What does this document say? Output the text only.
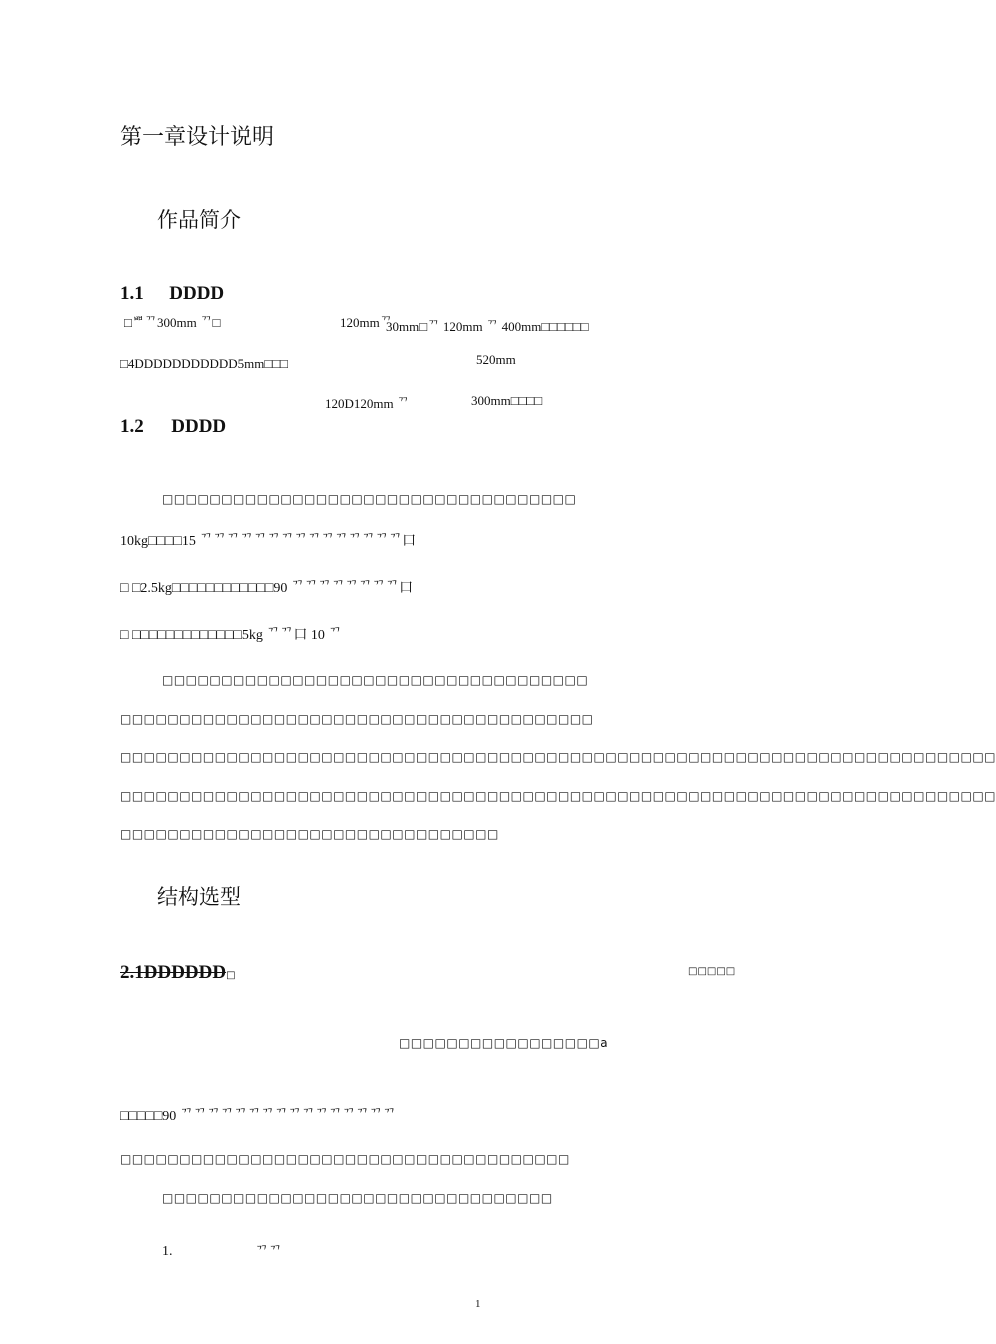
第一章设计说明
作品简介
1.1 DDDD
□ᄈᄁ300mm ᄁ□	120mmᄁ
30mm□ᄁ 120mm ᄁ 400mm□□□□□□
□4DDDDDDDDDDD5mm□□□	520mm
120D120mm ᄁ	300mm□□□□
1.2 DDDD
□□□□□□□□□□□□□□□□□□□□□□□□□□□□□□□□□□□
10kg□□□□15 ᄁᄁᄁᄁᄁᄁᄁᄁᄁᄁᄁᄁᄁᄁᄁ口
□ □2.5kg□□□□□□□□□□□□90 ᄁᄁᄁᄁᄁᄁᄁᄁ口
□ □□□□□□□□□□□□□5kg ᄁᄁ口 10 ᄁ
□□□□□□□□□□□□□□□□□□□□□□□□□□□□□□□□□□□□
□□□□□□□□□□□□□□□□□□□□□□□□□□□□□□□□□□□□□□□□
□□□□□□□□□□□□□□□□□□□□□□□□□□□□□□□□□□□□□□□□□□□□□□□□□□□□□□□□□□□□□□□□□□□□□□□□□□
□□□□□□□□□□□□□□□□□□□□□□□□□□□□□□□□□□□□□□□□□□□□□□□□□□□□□□□□□□□□□□□□□□□□□□□□□□
□□□□□□□□□□□□□□□□□□□□□□□□□□□□□□□□
结构选型
2.1DDDDDD□	□□□□□
□□□□□□□□□□□□□□□□□a
□□□□□90 ᄁᄁᄁᄁᄁᄁᄁᄁᄁᄁᄁᄁᄁᄁᄁᄁ
□□□□□□□□□□□□□□□□□□□□□□□□□□□□□□□□□□□□□□
□□□□□□□□□□□□□□□□□□□□□□□□□□□□□□□□□
1.	ᄁᄁ
1
